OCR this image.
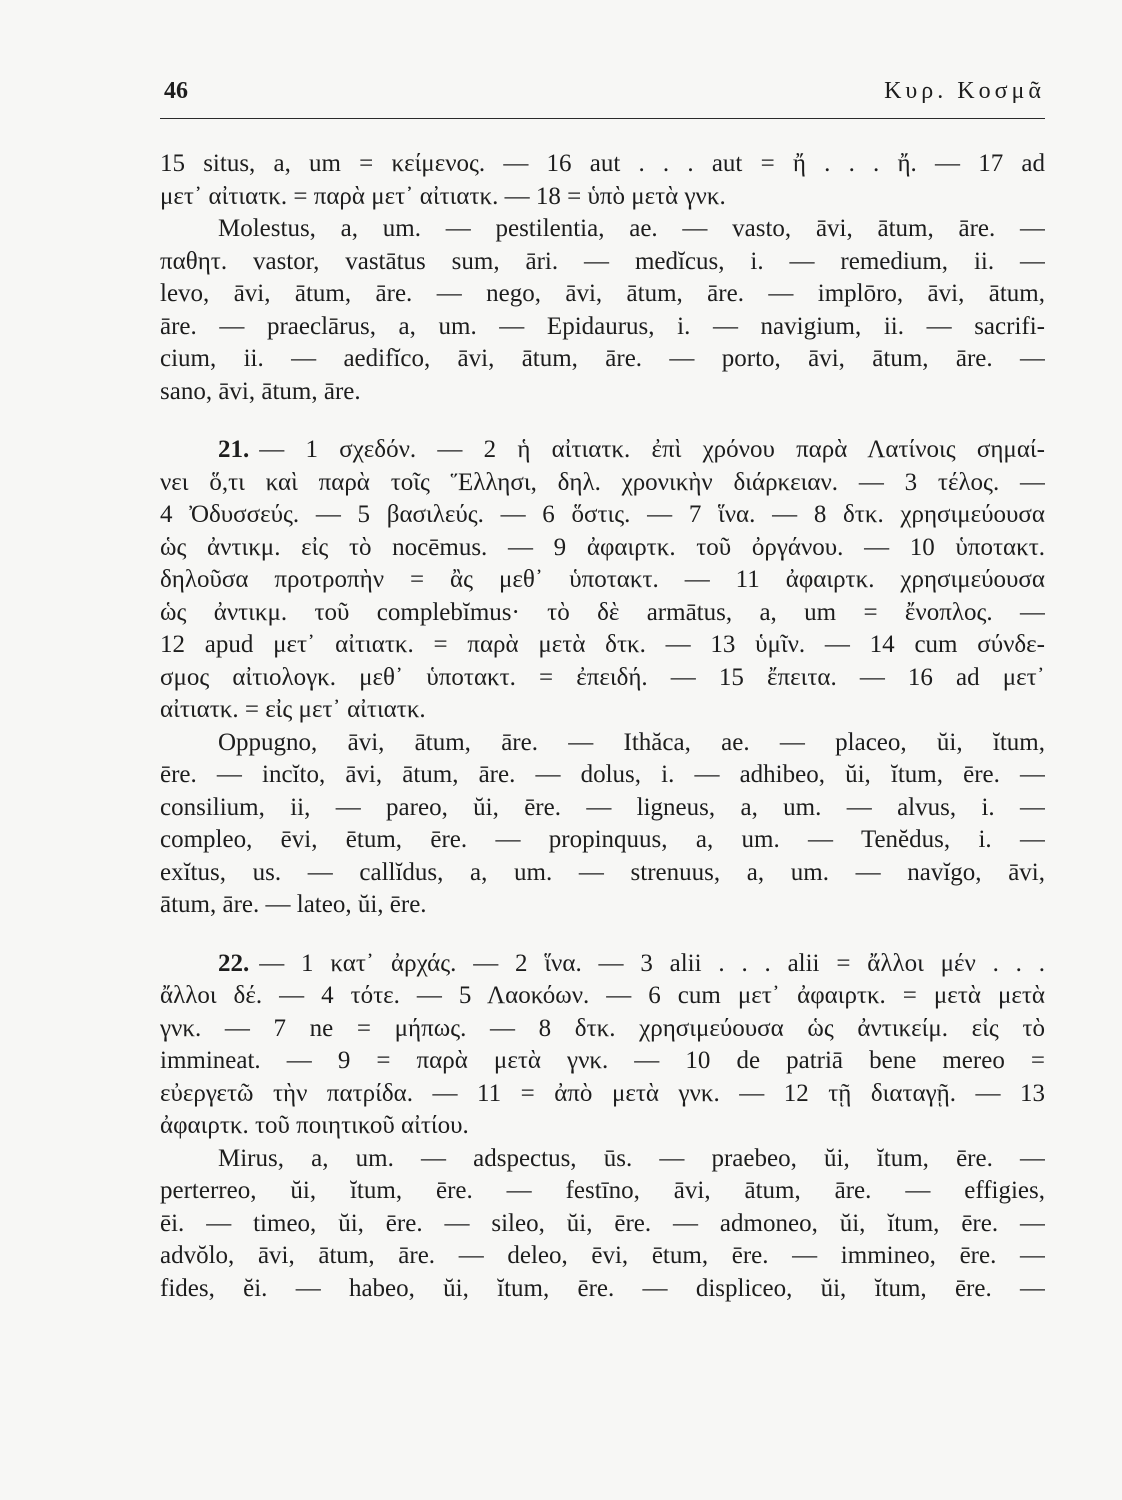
46	Κυρ. Κοσμᾶ
15 situs, a, um = κείμενος. — 16 aut . . . aut = ἤ . . . ἤ. — 17 ad
μετ᾽ αἰτιατκ. = παρὰ μετ᾽ αἰτιατκ. — 18 = ὑπὸ μετὰ γνκ.
Molestus, a, um. — pestilentia, ae. — vasto, āvi, ātum, āre. —
παθητ. vastor, vastātus sum, āri. — medĭcus, i. — remedium, ii. —
levo, āvi, ātum, āre. — nego, āvi, ātum, āre. — implōro, āvi, ātum,
āre. — praeclārus, a, um. — Epidaurus, i. — navigium, ii. — sacrifi-
cium, ii. — aedifĭco, āvi, ātum, āre. — porto, āvi, ātum, āre. —
sano, āvi, ātum, āre.
21. — 1 σχεδόν. — 2 ἡ αἰτιατκ. ἐπὶ χρόνου παρὰ Λατίνοις σημαί-
νει ὅ,τι καὶ παρὰ τοῖς Ἕλλησι, δηλ. χρονικὴν διάρκειαν. — 3 τέλος. —
4 Ὀδυσσεύς. — 5 βασιλεύς. — 6 ὅστις. — 7 ἵνα. — 8 δτκ. χρησιμεύουσα
ὡς ἀντικμ. εἰς τὸ nocēmus. — 9 ἀφαιρτκ. τοῦ ὀργάνου. — 10 ὑποτακτ.
δηλοῦσα προτροπὴν = ἂς μεθ᾽ ὑποτακτ. — 11 ἀφαιρτκ. χρησιμεύουσα
ὡς ἀντικμ. τοῦ complebĭmus· τὸ δὲ armātus, a, um = ἔνοπλος. —
12 apud μετ᾽ αἰτιατκ. = παρὰ μετὰ δτκ. — 13 ὑμῖν. — 14 cum σύνδε-
σμος αἰτιολογκ. μεθ᾽ ὑποτακτ. = ἐπειδή. — 15 ἔπειτα. — 16 ad μετ᾽
αἰτιατκ. = εἰς μετ᾽ αἰτιατκ.
Oppugno, āvi, ātum, āre. — Ithăca, ae. — placeo, ŭi, ĭtum,
ēre. — incĭto, āvi, ātum, āre. — dolus, i. — adhibeo, ŭi, ĭtum, ēre. —
consilium, ii, — pareo, ŭi, ēre. — ligneus, a, um. — alvus, i. —
compleo, ēvi, ētum, ēre. — propinquus, a, um. — Tenĕdus, i. —
exĭtus, us. — callĭdus, a, um. — strenuus, a, um. — navĭgo, āvi,
ātum, āre. — lateo, ŭi, ēre.
22. — 1 κατ᾽ ἀρχάς. — 2 ἵνα. — 3 alii . . . alii = ἄλλοι μέν . . .
ἄλλοι δέ. — 4 τότε. — 5 Λαοκόων. — 6 cum μετ᾽ ἀφαιρτκ. = μετὰ μετὰ
γνκ. — 7 ne = μήπως. — 8 δτκ. χρησιμεύουσα ὡς ἀντικείμ. εἰς τὸ
immineat. — 9 = παρὰ μετὰ γνκ. — 10 de patriā bene mereo =
εὐεργετῶ τὴν πατρίδα. — 11 = ἀπὸ μετὰ γνκ. — 12 τῇ διαταγῇ. — 13
ἀφαιρτκ. τοῦ ποιητικοῦ αἰτίου.
Mirus, a, um. — adspectus, ūs. — praebeo, ŭi, ĭtum, ēre. —
perterreo, ŭi, ĭtum, ēre. — festīno, āvi, ātum, āre. — effigies,
ēi. — timeo, ŭi, ēre. — sileo, ŭi, ēre. — admoneo, ŭi, ĭtum, ēre. —
advŏlo, āvi, ātum, āre. — deleo, ēvi, ētum, ēre. — immineo, ēre. —
fides, ĕi. — habeo, ŭi, ĭtum, ēre. — displiceo, ŭi, ĭtum, ēre. —
